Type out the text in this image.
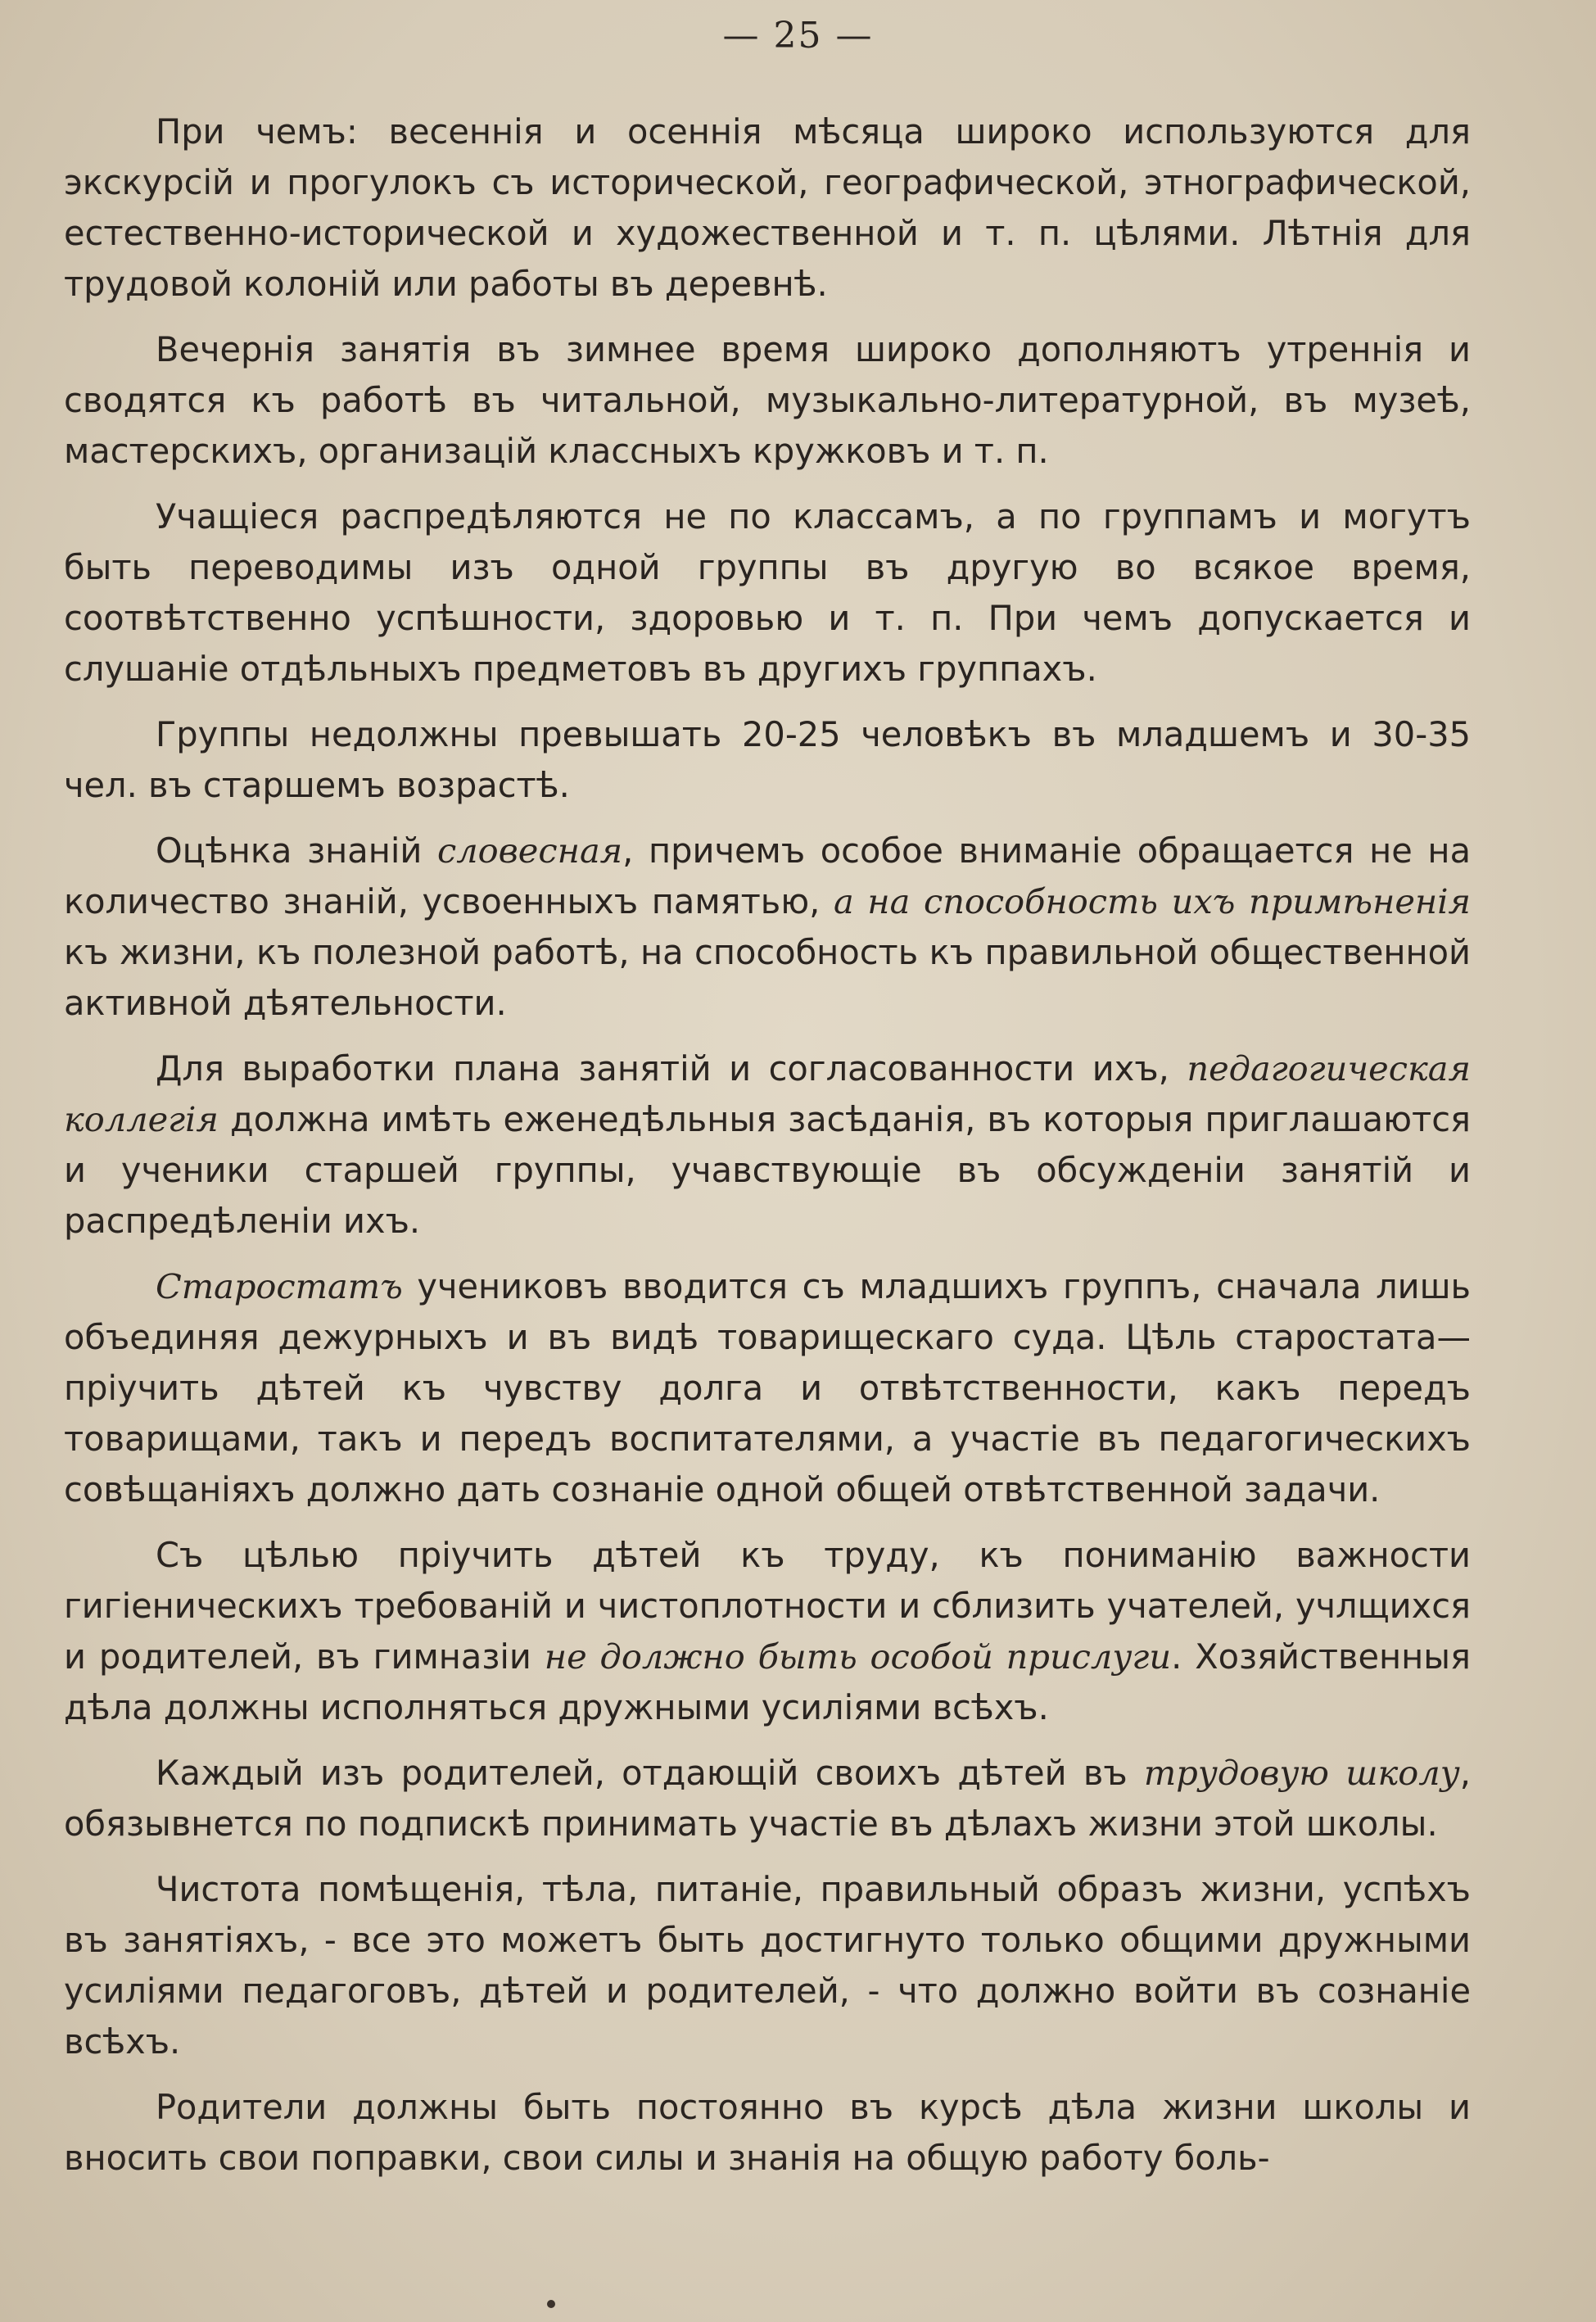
— 25 —

При чемъ: весеннія и осеннія мѣсяца широко используются для экскурсій и прогулокъ съ исторической, географической, этнографической, естественно-исторической и художественной и т. п. цѣлями. Лѣтнія для трудовой колоній или работы въ деревнѣ.

Вечернія занятія въ зимнее время широко дополняютъ утреннія и сводятся къ работѣ въ читальной, музыкально-литературной, въ музеѣ, мастерскихъ, организацій классныхъ кружковъ и т. п.

Учащіеся распредѣляются не по классамъ, а по группамъ и могутъ быть переводимы изъ одной группы въ другую во всякое время, соотвѣтственно успѣшности, здоровью и т. п. При чемъ допускается и слушаніе отдѣльныхъ предметовъ въ другихъ группахъ.

Группы недолжны превышать 20-25 человѣкъ въ младшемъ и 30-35 чел. въ старшемъ возрастѣ.

Оцѣнка знаній словесная, причемъ особое вниманіе обращается не на количество знаній, усвоенныхъ памятью, а на способность ихъ примѣненія къ жизни, къ полезной работѣ, на способность къ правильной общественной активной дѣятельности.

Для выработки плана занятій и согласованности ихъ, педагогическая коллегія должна имѣть еженедѣльныя засѣданія, въ которыя приглашаются и ученики старшей группы, учавствующіе въ обсужденіи занятій и распредѣленіи ихъ.

Старостатъ учениковъ вводится съ младшихъ группъ, сначала лишь объединяя дежурныхъ и въ видѣ товарищескаго суда. Цѣль старостата—пріучить дѣтей къ чувству долга и отвѣтственности, какъ передъ товарищами, такъ и передъ воспитателями, а участіе въ педагогическихъ совѣщаніяхъ должно дать сознаніе одной общей отвѣтственной задачи.

Съ цѣлью пріучить дѣтей къ труду, къ пониманію важности гигіеническихъ требованій и чистоплотности и сблизить учателей, учлщихся и родителей, въ гимназіи не должно быть особой прислуги. Хозяйственныя дѣла должны исполняться дружными усиліями всѣхъ.

Каждый изъ родителей, отдающій своихъ дѣтей въ трудовую школу, обязывнется по подпискѣ принимать участіе въ дѣлахъ жизни этой школы.

Чистота помѣщенія, тѣла, питаніе, правильный образъ жизни, успѣхъ въ занятіяхъ, - все это можетъ быть достигнуто только общими дружными усиліями педагоговъ, дѣтей и родителей, - что должно войти въ сознаніе всѣхъ.

Родители должны быть постоянно въ курсѣ дѣла жизни школы и вносить свои поправки, свои силы и знанія на общую работу боль-
